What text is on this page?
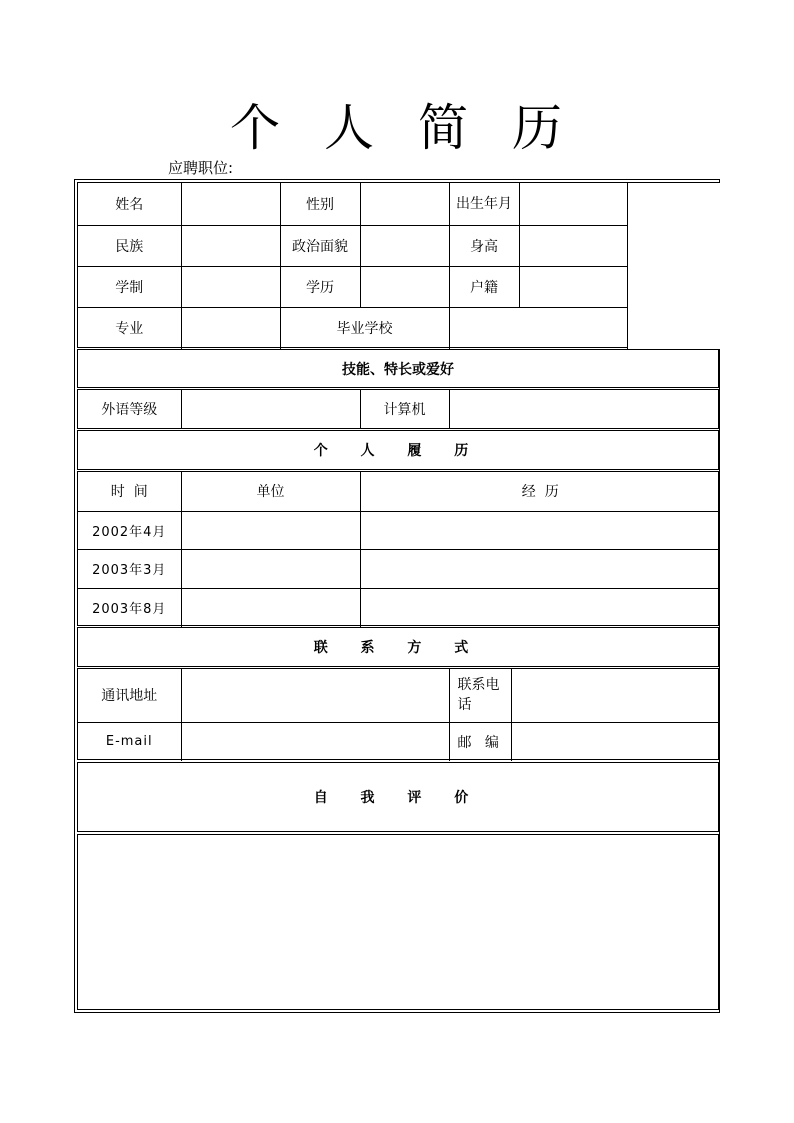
个人简历
应聘职位:
姓名		性别		出生年月		
民族		政治面貌		身高		
学制		学历		户籍		
专业		毕业学校				
技能、特长或爱好
外语等级		计算机	
个 人 履 历
时  间	单位	经  历
2002年4月		
2003年3月		
2003年8月		
联 系 方 式
通讯地址		联系电话	
E-mail		邮   编	
自 我 评 价
